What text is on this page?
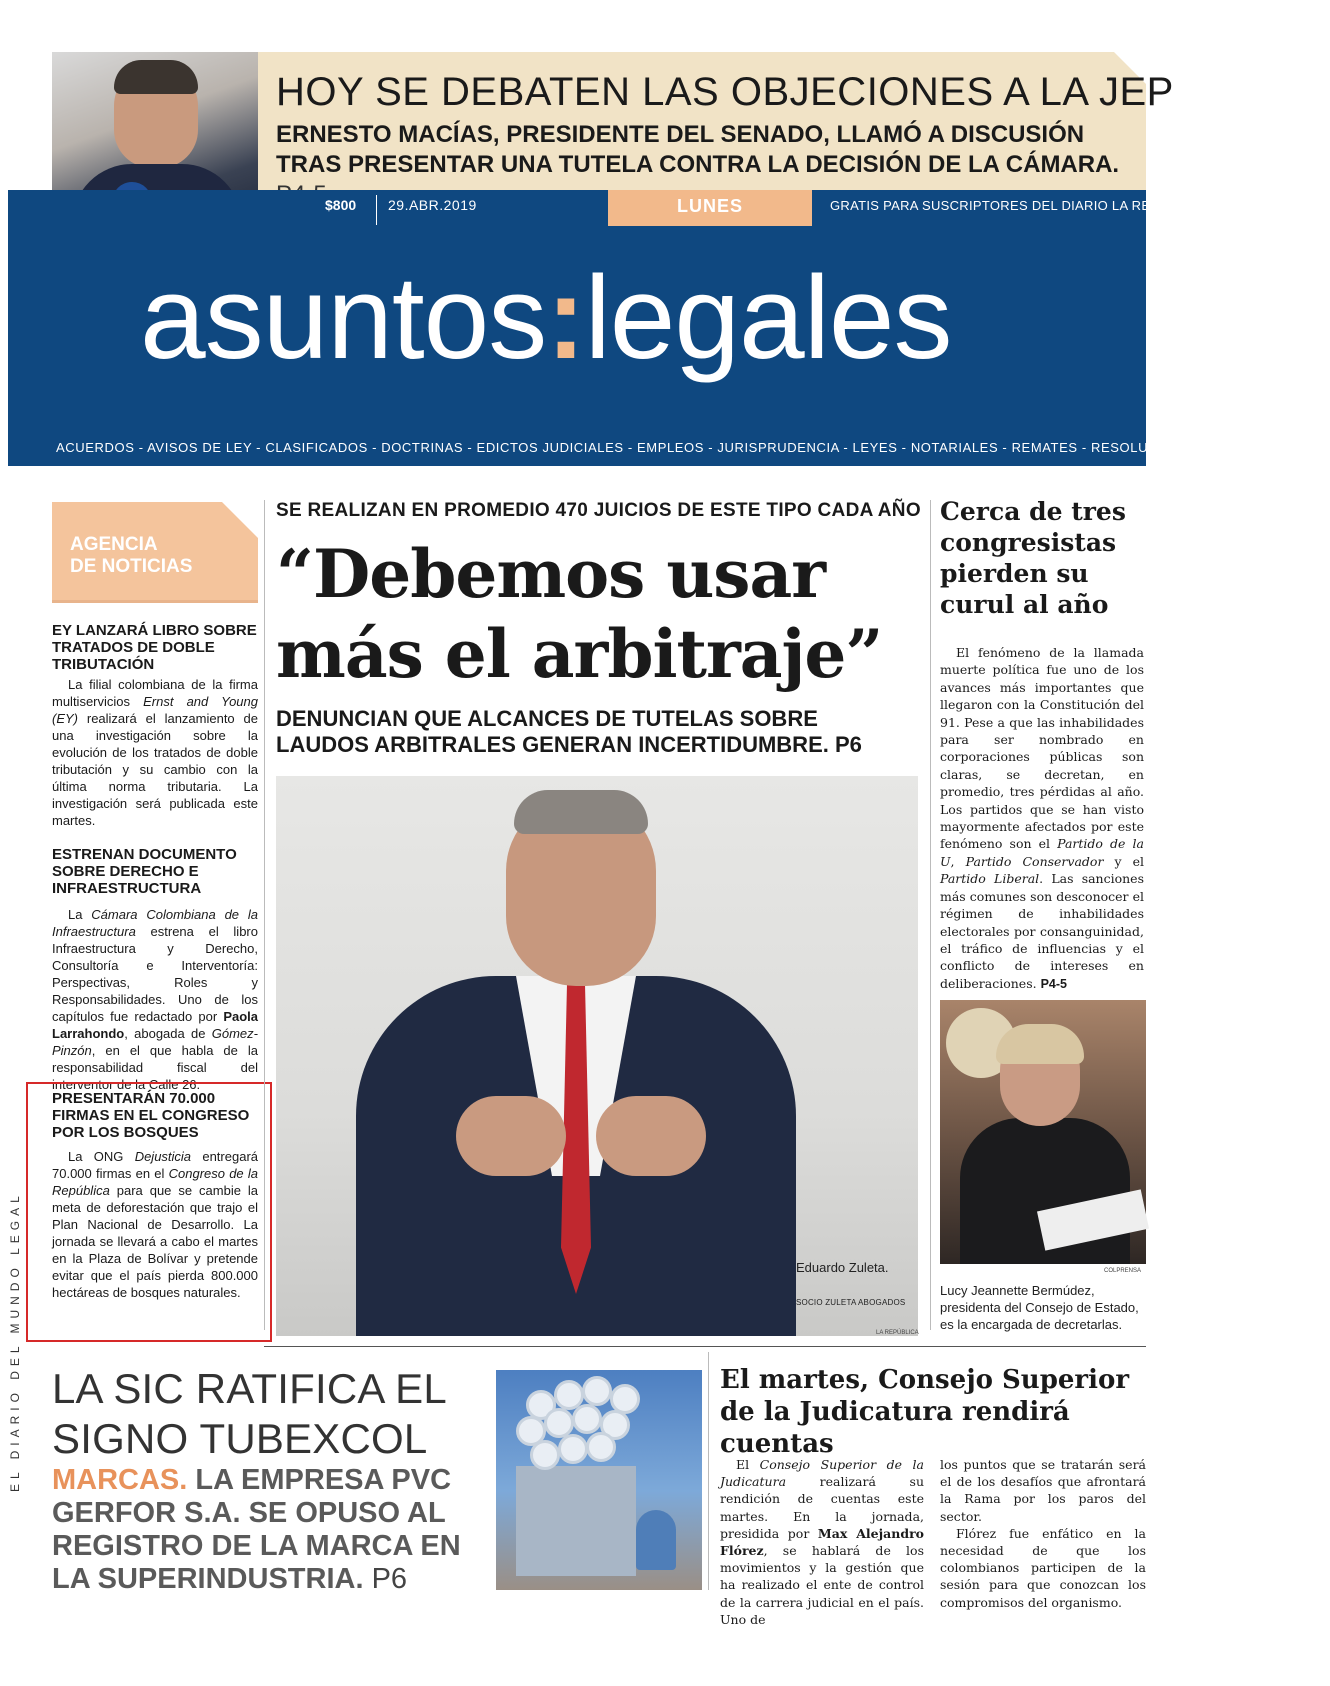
HOY SE DEBATEN LAS OBJECIONES A LA JEP
ERNESTO MACÍAS, PRESIDENTE DEL SENADO, LLAMÓ A DISCUSIÓN TRAS PRESENTAR UNA TUTELA CONTRA LA DECISIÓN DE LA CÁMARA.
$800 29.ABR.2019	LUNES	GRATIS PARA SUSCRIPTORES DEL DIARIO LA REPÚBLICA
asuntos:legales
ACUERDOS - AVISOS DE LEY - CLASIFICADOS - DOCTRINAS - EDICTOS JUDICIALES - EMPLEOS - JURISPRUDENCIA - LEYES - NOTARIALES - REMATES - RESOLUCIONES ADMINISTRATIVAS
AGENCIA
DE NOTICIAS
EY LANZARÁ LIBRO SOBRE TRATADOS DE DOBLE TRIBUTACIÓN
La filial colombiana de la firma multiservicios Ernst and Young (EY) realizará el lanzamiento de una investigación sobre la evolución de los tratados de doble tributación y su cambio con la última norma tributaria. La investigación será publicada este martes.
ESTRENAN DOCUMENTO SOBRE DERECHO E INFRAESTRUCTURA
La Cámara Colombiana de la Infraestructura estrena el libro Infraestructura y Derecho, Consultoría e Interventoría: Perspectivas, Roles y Responsabilidades. Uno de los capítulos fue redactado por Paola Larrahondo, abogada de Gómez-Pinzón, en el que habla de la responsabilidad fiscal del interventor de la Calle 26.
PRESENTARÁN 70.000 FIRMAS EN EL CONGRESO POR LOS BOSQUES
La ONG Dejusticia entregará 70.000 firmas en el Congreso de la República para que se cambie la meta de deforestación que trajo el Plan Nacional de Desarrollo. La jornada se llevará a cabo el martes en la Plaza de Bolívar y pretende evitar que el país pierda 800.000 hectáreas de bosques naturales.
EL DIARIO DEL MUNDO LEGAL
SE REALIZAN EN PROMEDIO 470 JUICIOS DE ESTE TIPO CADA AÑO
“Debemos usar más el arbitraje”
DENUNCIAN QUE ALCANCES DE TUTELAS SOBRE LAUDOS ARBITRALES GENERAN INCERTIDUMBRE. P6
Eduardo Zuleta.
SOCIO ZULETA ABOGADOS
LA REPÚBLICA
Cerca de tres congresistas pierden su curul al año
El fenómeno de la llamada muerte política fue uno de los avances más importantes que llegaron con la Constitución del 91. Pese a que las inhabilidades para ser nombrado en corporaciones públicas son claras, se decretan, en promedio, tres pérdidas al año. Los partidos que se han visto mayormente afectados por este fenómeno son el Partido de la U, Partido Conservador y el Partido Liberal. Las sanciones más comunes son desconocer el régimen de inhabilidades electorales por consanguinidad, el tráfico de influencias y el conflicto de intereses en deliberaciones. P4-5
COLPRENSA
Lucy Jeannette Bermúdez, presidenta del Consejo de Estado, es la encargada de decretarlas.
LA SIC RATIFICA EL SIGNO TUBEXCOL
MARCAS. LA EMPRESA PVC GERFOR S.A. SE OPUSO AL REGISTRO DE LA MARCA EN LA SUPERINDUSTRIA. P6
El martes, Consejo Superior de la Judicatura rendirá cuentas
El Consejo Superior de la Judicatura realizará su rendición de cuentas este martes. En la jornada, presidida por Max Alejandro Flórez, se hablará de los movimientos y la gestión que ha realizado el ente de control de la carrera judicial en el país. Uno de
los puntos que se tratarán será el de los desafíos que afrontará la Rama por los paros del sector.
Flórez fue enfático en la necesidad de que los colombianos participen de la sesión para que conozcan los compromisos del organismo.
